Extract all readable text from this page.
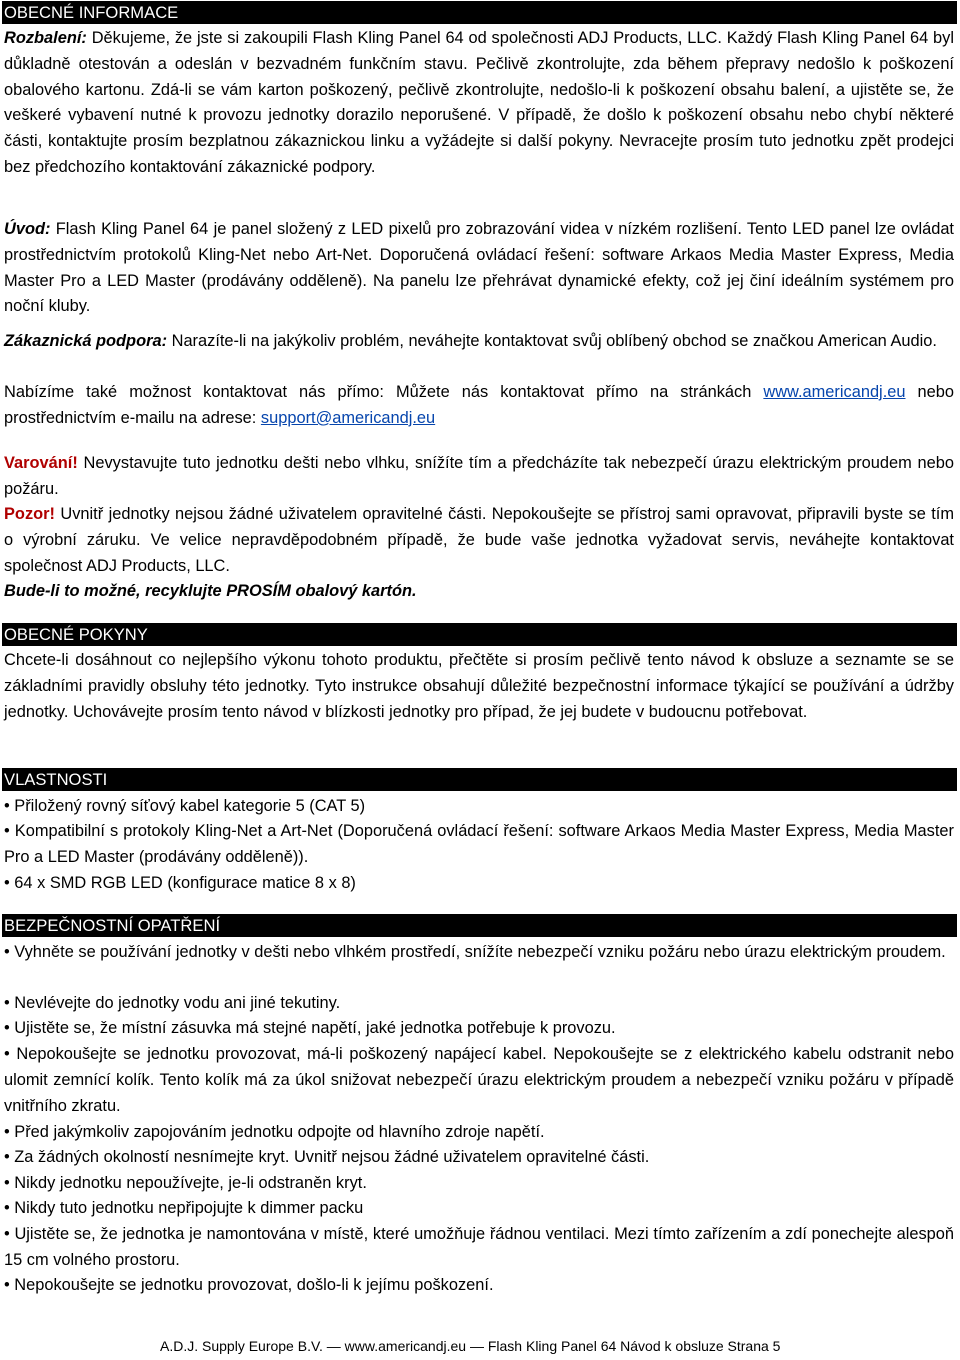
OBECNÉ INFORMACE

Rozbalení: Děkujeme, že jste si zakoupili Flash Kling Panel 64 od společnosti ADJ Products, LLC. Každý Flash Kling Panel 64 byl důkladně otestován a odeslán v bezvadném funkčním stavu. Pečlivě zkontrolujte, zda během přepravy nedošlo k poškození obalového kartonu. Zdá-li se vám karton poškozený, pečlivě zkontrolujte, nedošlo-li k poškození obsahu balení, a ujistěte se, že veškeré vybavení nutné k provozu jednotky dorazilo neporušené. V případě, že došlo k poškození obsahu nebo chybí některé části, kontaktujte prosím bezplatnou zákaznickou linku a vyžádejte si další pokyny. Nevracejte prosím tuto jednotku zpět prodejci bez předchozího kontaktování zákaznické podpory.

Úvod: Flash Kling Panel 64 je panel složený z LED pixelů pro zobrazování videa v nízkém rozlišení. Tento LED panel lze ovládat prostřednictvím protokolů Kling-Net nebo Art-Net. Doporučená ovládací řešení: software Arkaos Media Master Express, Media Master Pro a LED Master (prodávány odděleně). Na panelu lze přehrávat dynamické efekty, což jej činí ideálním systémem pro noční kluby.

Zákaznická podpora: Narazíte-li na jakýkoliv problém, neváhejte kontaktovat svůj oblíbený obchod se značkou American Audio.

Nabízíme také možnost kontaktovat nás přímo: Můžete nás kontaktovat přímo na stránkách www.americandj.eu nebo prostřednictvím e-mailu na adrese: support@americandj.eu

Varování! Nevystavujte tuto jednotku dešti nebo vlhku, snížíte tím a předcházíte tak nebezpečí úrazu elektrickým proudem nebo požáru.

Pozor! Uvnitř jednotky nejsou žádné uživatelem opravitelné části. Nepokoušejte se přístroj sami opravovat, připravili byste se tím o výrobní záruku. Ve velice nepravděpodobném případě, že bude vaše jednotka vyžadovat servis, neváhejte kontaktovat společnost ADJ Products, LLC.

Bude-li to možné, recyklujte PROSÍM obalový kartón.

OBECNÉ POKYNY

Chcete-li dosáhnout co nejlepšího výkonu tohoto produktu, přečtěte si prosím pečlivě tento návod k obsluze a seznamte se se základními pravidly obsluhy této jednotky. Tyto instrukce obsahují důležité bezpečnostní informace týkající se používání a údržby jednotky. Uchovávejte prosím tento návod v blízkosti jednotky pro případ, že jej budete v budoucnu potřebovat.

VLASTNOSTI

• Přiložený rovný síťový kabel kategorie 5 (CAT 5)

• Kompatibilní s protokoly Kling-Net a Art-Net (Doporučená ovládací řešení: software Arkaos Media Master Express, Media Master Pro a LED Master (prodávány odděleně)).

• 64 x SMD RGB LED (konfigurace matice 8 x 8)

BEZPEČNOSTNÍ OPATŘENÍ

• Vyhněte se používání jednotky v dešti nebo vlhkém prostředí, snížíte nebezpečí vzniku požáru nebo úrazu elektrickým proudem.

• Nevlévejte do jednotky vodu ani jiné tekutiny.

• Ujistěte se, že místní zásuvka má stejné napětí, jaké jednotka potřebuje k provozu.

• Nepokoušejte se jednotku provozovat, má-li poškozený napájecí kabel. Nepokoušejte se z elektrického kabelu odstranit nebo ulomit zemnící kolík. Tento kolík má za úkol snižovat nebezpečí úrazu elektrickým proudem a nebezpečí vzniku požáru v případě vnitřního zkratu.

• Před jakýmkoliv zapojováním jednotku odpojte od hlavního zdroje napětí.

• Za žádných okolností nesnímejte kryt. Uvnitř nejsou žádné uživatelem opravitelné části.

• Nikdy jednotku nepoužívejte, je-li odstraněn kryt.

• Nikdy tuto jednotku nepřipojujte k dimmer packu

• Ujistěte se, že jednotka je namontována v místě, které umožňuje řádnou ventilaci. Mezi tímto zařízením a zdí ponechejte alespoň 15 cm volného prostoru.

• Nepokoušejte se jednotku provozovat, došlo-li k jejímu poškození.

A.D.J. Supply Europe B.V. — www.americandj.eu — Flash Kling Panel 64 Návod k obsluze Strana 5
